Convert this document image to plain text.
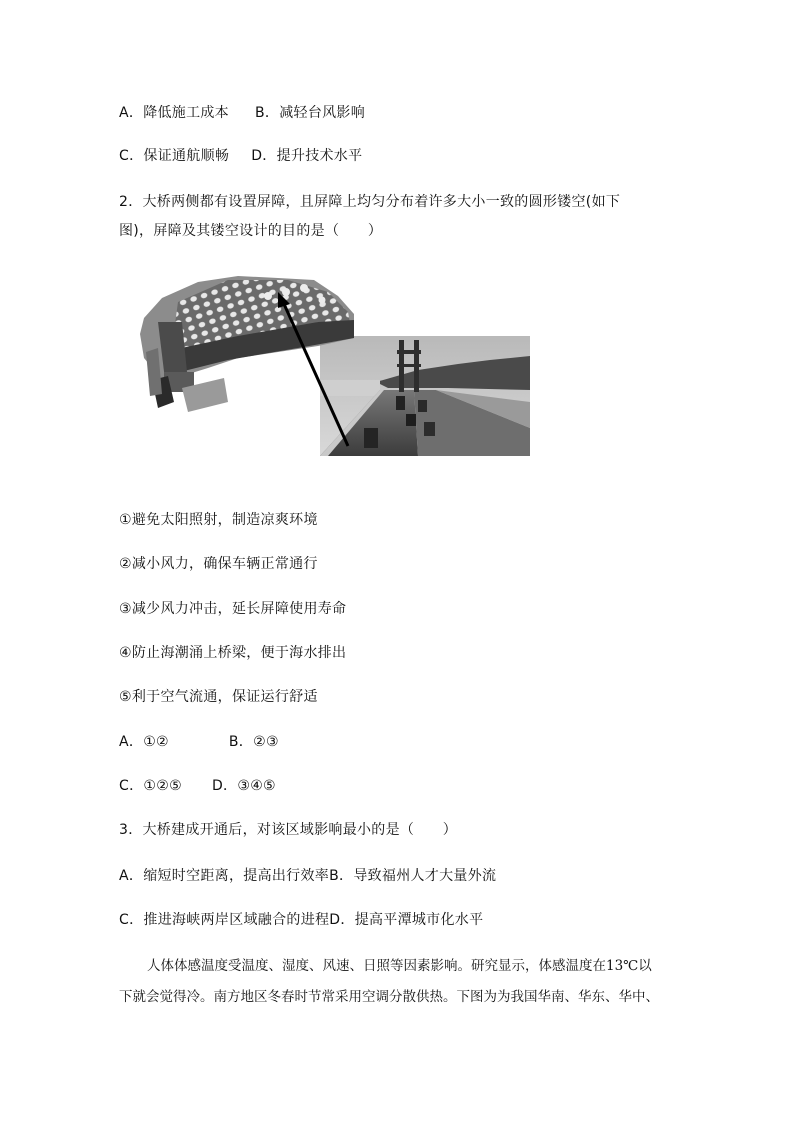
A．降低施工成本 B．减轻台风影响
C．保证通航顺畅 D．提升技术水平
2．大桥两侧都有设置屏障，且屏障上均匀分布着许多大小一致的圆形镂空(如下
图)，屏障及其镂空设计的目的是（　　）
①避免太阳照射，制造凉爽环境
②减小风力，确保车辆正常通行
③减少风力冲击，延长屏障使用寿命
④防止海潮涌上桥梁，便于海水排出
⑤利于空气流通，保证运行舒适
A．①②	B．②③
C．①②⑤ D．③④⑤
3．大桥建成开通后，对该区域影响最小的是（　　）
A．缩短时空距离，提高出行效率B．导致福州人才大量外流
C．推进海峡两岸区域融合的进程D．提高平潭城市化水平
人体体感温度受温度、湿度、风速、日照等因素影响。研究显示，体感温度在13℃以
下就会觉得冷。南方地区冬春时节常采用空调分散供热。下图为为我国华南、华东、华中、
